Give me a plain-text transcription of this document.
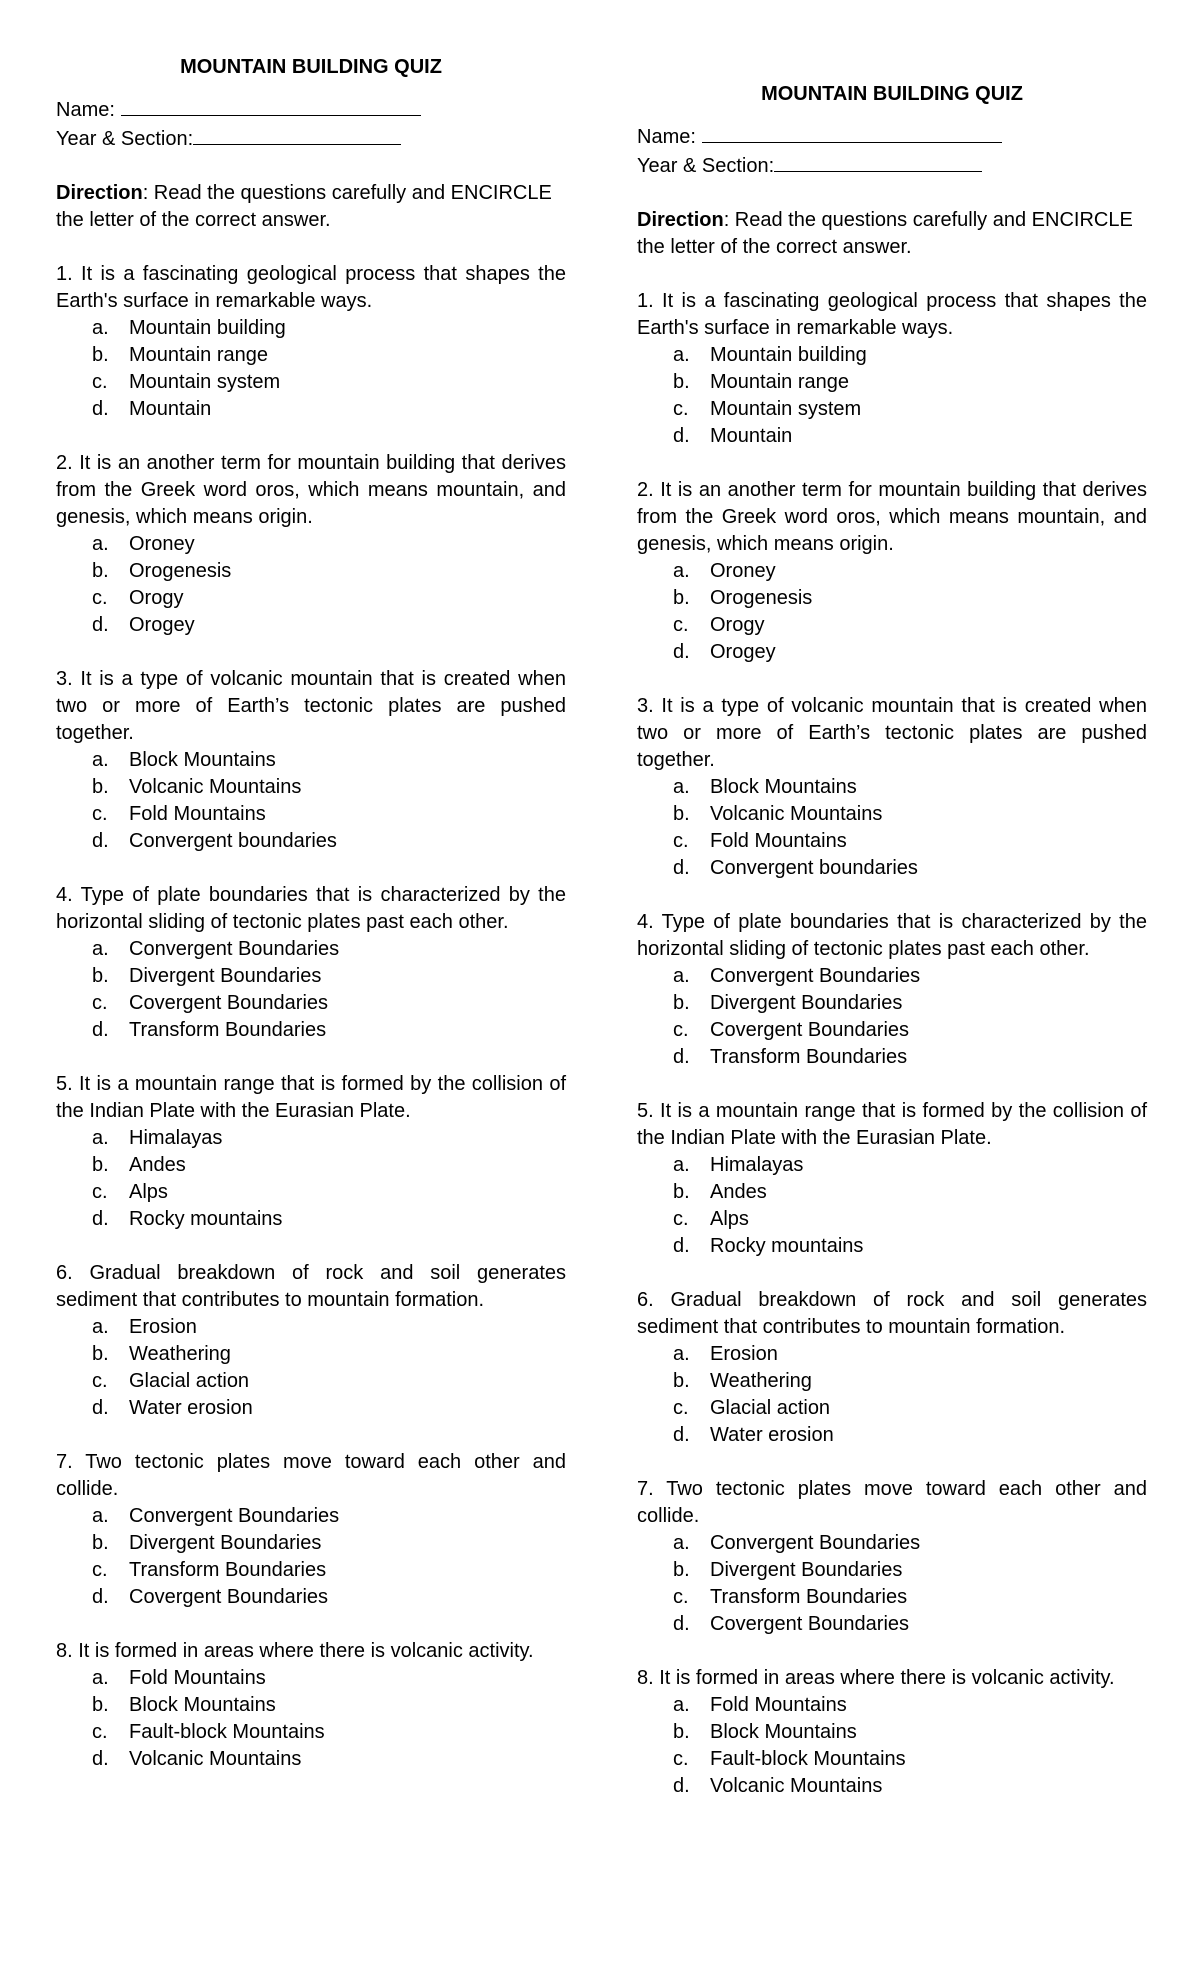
MOUNTAIN BUILDING QUIZ

Name:

Year & Section:

Direction: Read the questions carefully and ENCIRCLE the letter of the correct answer.

1. It is a fascinating geological process that shapes the Earth's surface in remarkable ways.

a.	Mountain building
b.	Mountain range
c.	Mountain system
d.	Mountain

2. It is an another term for mountain building that derives from the Greek word oros, which means mountain, and genesis, which means origin.

a.	Oroney
b.	Orogenesis
c.	Orogy
d.	Orogey

3. It is a type of volcanic mountain that is created when two or more of Earth’s tectonic plates are pushed together.

a.	Block Mountains
b.	Volcanic Mountains
c.	Fold Mountains
d.	Convergent boundaries

4. Type of plate boundaries that is characterized by the horizontal sliding of tectonic plates past each other.

a.	Convergent Boundaries
b.	Divergent Boundaries
c.	Covergent Boundaries
d.	Transform Boundaries

5. It is a mountain range that is formed by the collision of the Indian Plate with the Eurasian Plate.

a.	Himalayas
b.	Andes
c.	Alps
d.	Rocky mountains

6. Gradual breakdown of rock and soil generates sediment that contributes to mountain formation.

a.	Erosion
b.	Weathering
c.	Glacial action
d.	Water erosion

7. Two tectonic plates move toward each other and collide.

a.	Convergent Boundaries
b.	Divergent Boundaries
c.	Transform Boundaries
d.	Covergent Boundaries

8. It is formed in areas where there is volcanic activity.

a.	Fold Mountains
b.	Block Mountains
c.	Fault-block Mountains
d.	Volcanic Mountains
MOUNTAIN BUILDING QUIZ

Name:

Year & Section:

Direction: Read the questions carefully and ENCIRCLE the letter of the correct answer.

1. It is a fascinating geological process that shapes the Earth's surface in remarkable ways.

a.	Mountain building
b.	Mountain range
c.	Mountain system
d.	Mountain

2. It is an another term for mountain building that derives from the Greek word oros, which means mountain, and genesis, which means origin.

a.	Oroney
b.	Orogenesis
c.	Orogy
d.	Orogey

3. It is a type of volcanic mountain that is created when two or more of Earth’s tectonic plates are pushed together.

a.	Block Mountains
b.	Volcanic Mountains
c.	Fold Mountains
d.	Convergent boundaries

4. Type of plate boundaries that is characterized by the horizontal sliding of tectonic plates past each other.

a.	Convergent Boundaries
b.	Divergent Boundaries
c.	Covergent Boundaries
d.	Transform Boundaries

5. It is a mountain range that is formed by the collision of the Indian Plate with the Eurasian Plate.

a.	Himalayas
b.	Andes
c.	Alps
d.	Rocky mountains

6. Gradual breakdown of rock and soil generates sediment that contributes to mountain formation.

a.	Erosion
b.	Weathering
c.	Glacial action
d.	Water erosion

7. Two tectonic plates move toward each other and collide.

a.	Convergent Boundaries
b.	Divergent Boundaries
c.	Transform Boundaries
d.	Covergent Boundaries

8. It is formed in areas where there is volcanic activity.

a.	Fold Mountains
b.	Block Mountains
c.	Fault-block Mountains
d.	Volcanic Mountains
